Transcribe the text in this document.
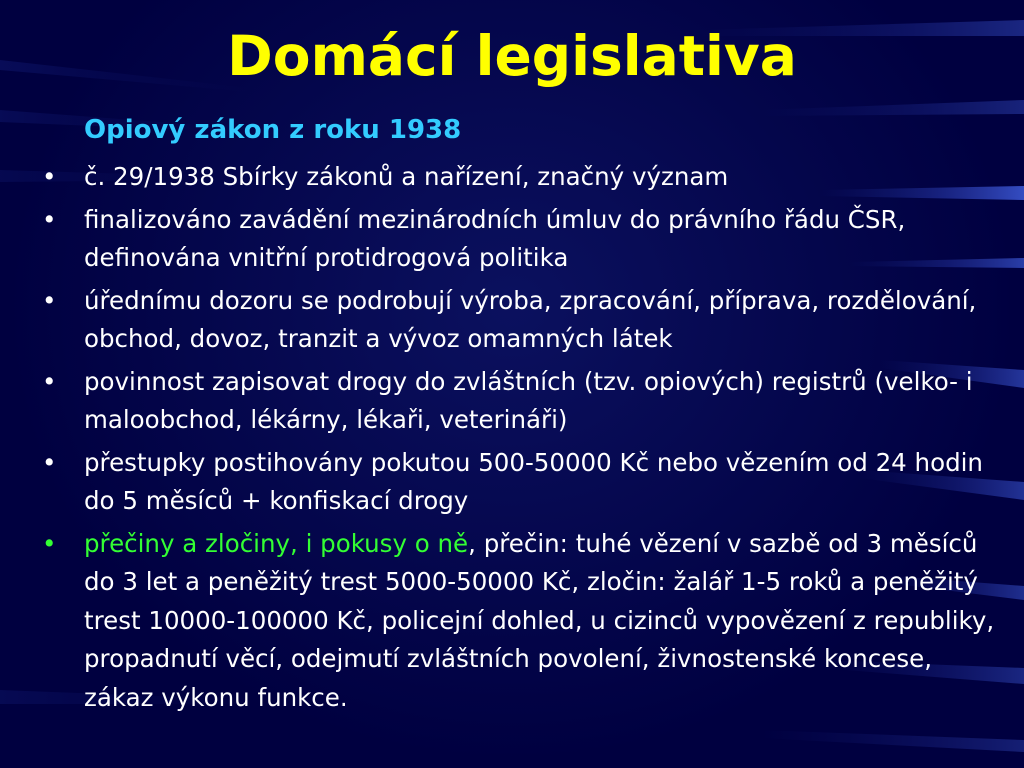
Domácí legislativa
Opiový zákon z roku 1938
• č. 29/1938 Sbírky zákonů a nařízení, značný význam
• finalizováno zavádění mezinárodních úmluv do právního řádu ČSR, definována vnitřní protidrogová politika
• úřednímu dozoru se podrobují výroba, zpracování, příprava, rozdělování, obchod, dovoz, tranzit a vývoz omamných látek
• povinnost zapisovat drogy do zvláštních (tzv. opiových) registrů (velko- i maloobchod, lékárny, lékaři, veterináři)
• přestupky postihovány pokutou 500-50000 Kč nebo vězením od 24 hodin do 5 měsíců + konfiskací drogy
• přečiny a zločiny, i pokusy o ně, přečin: tuhé vězení v sazbě od 3 měsíců do 3 let a peněžitý trest 5000-50000 Kč, zločin: žalář 1-5 roků a peněžitý trest 10000-100000 Kč, policejní dohled, u cizinců vypovězení z republiky, propadnutí věcí, odejmutí zvláštních povolení, živnostenské koncese, zákaz výkonu funkce.
